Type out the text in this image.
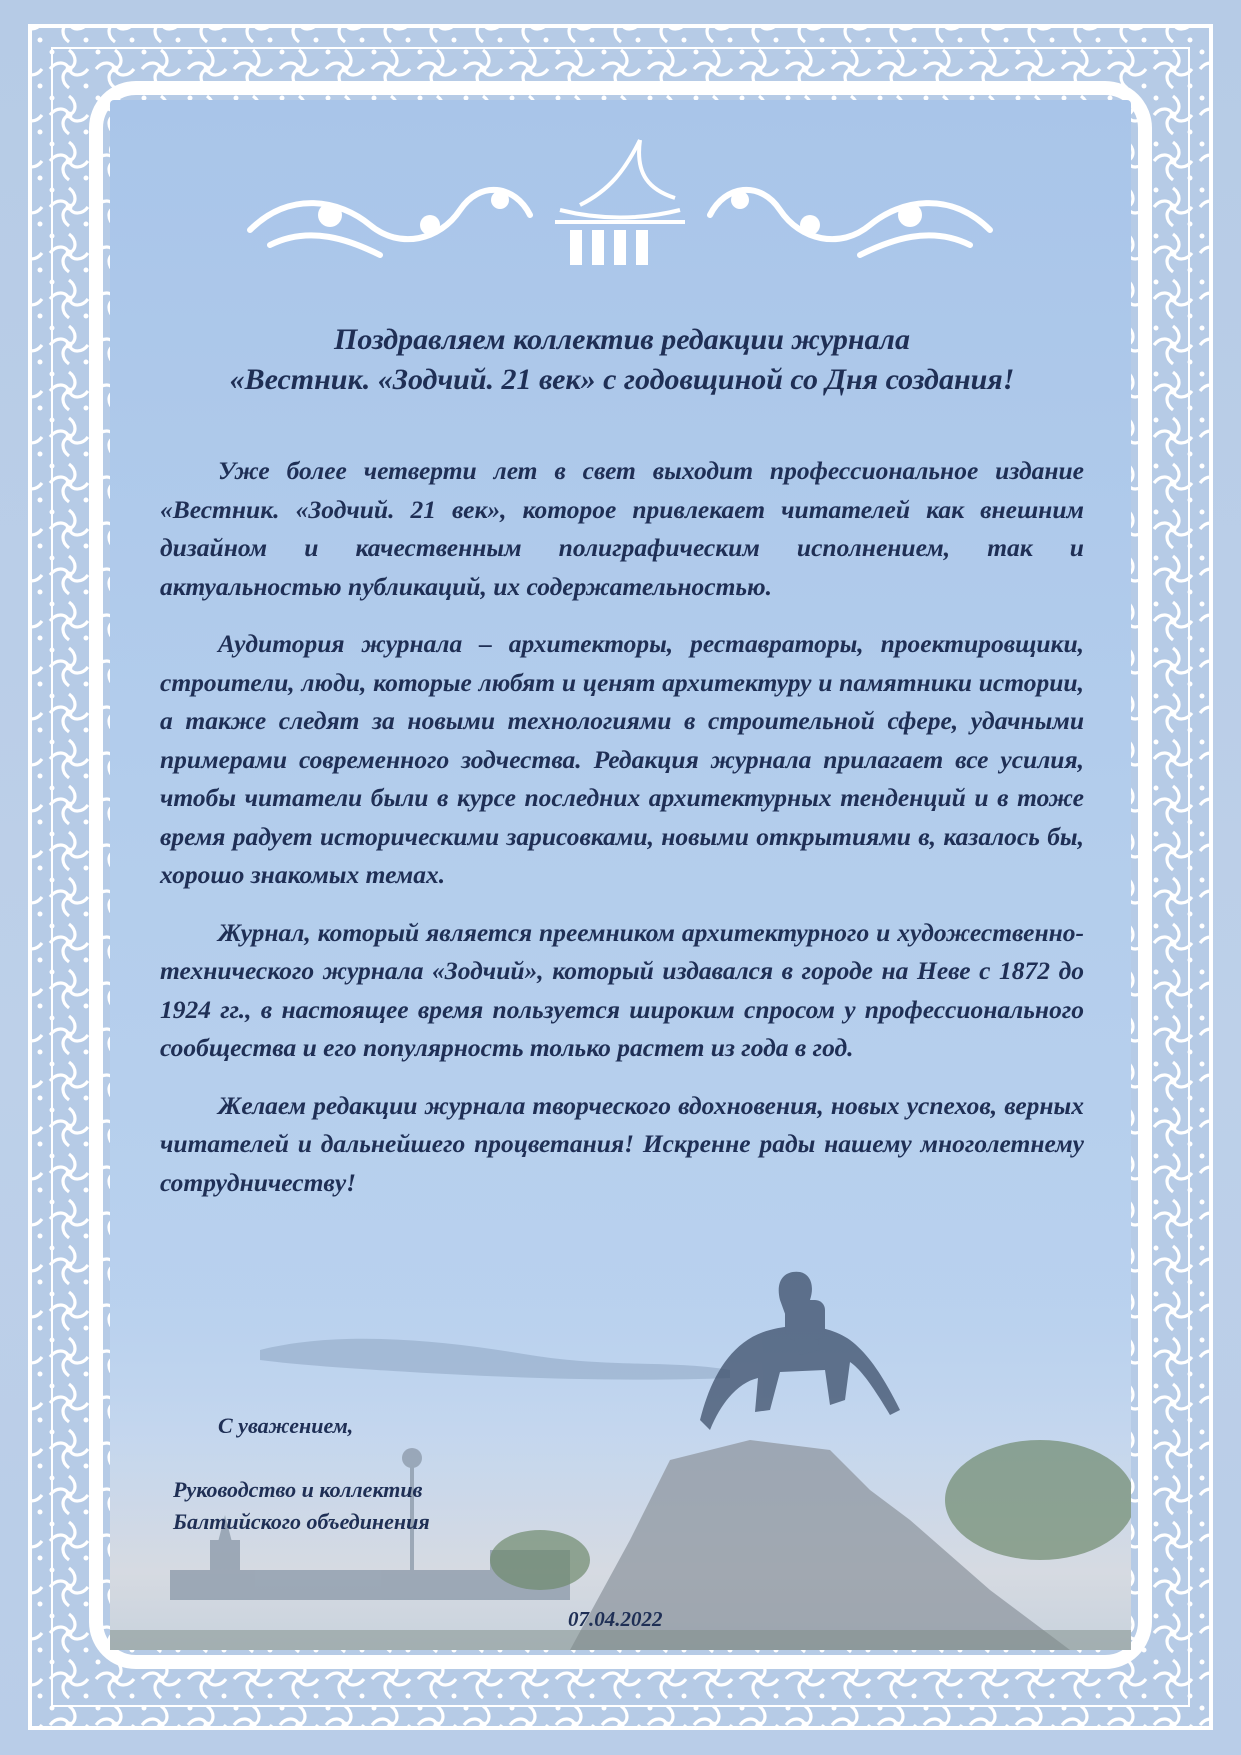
Поздравляем коллектив редакции журнала
«Вестник. «Зодчий. 21 век» с годовщиной со Дня создания!

Уже более четверти лет в свет выходит профессиональное издание «Вестник. «Зодчий. 21 век», которое привлекает читателей как внешним дизайном и качественным полиграфическим исполнением, так и актуальностью публикаций, их содержательностью.

Аудитория журнала – архитекторы, реставраторы, проектировщики, строители, люди, которые любят и ценят архитектуру и памятники истории, а также следят за новыми технологиями в строительной сфере, удачными примерами современного зодчества. Редакция журнала прилагает все усилия, чтобы читатели были в курсе последних архитектурных тенденций и в тоже время радует историческими зарисовками, новыми открытиями в, казалось бы, хорошо знакомых темах.

Журнал, который является преемником архитектурного и художественно-технического журнала «Зодчий», который издавался в городе на Неве с 1872 до 1924 гг., в настоящее время пользуется широким спросом у профессионального сообщества и его популярность только растет из года в год.

Желаем редакции журнала творческого вдохновения, новых успехов, верных читателей и дальнейшего процветания! Искренне рады нашему многолетнему сотрудничеству!

С уважением,
Руководство и коллектив
Балтийского объединения
07.04.2022
